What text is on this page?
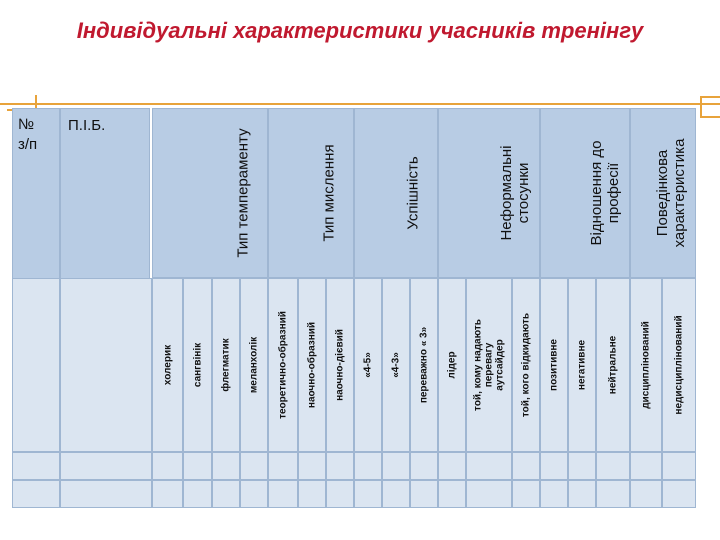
Індивідуальні характеристики учасників тренінгу
№
з/п
П.І.Б.
Тип темпераменту
холерик сангвінік флегматик меланхолік
Тип мислення
теоретично-образний наочно-образний наочно-дієвий
Успішність
«4-5» «4-3» переважно « 3»
Неформальні
стосунки
лідер
той, кому надають
перевагу
аутсайдер той, кого відкидають
Відношення до
професії
позитивне негативне нейтральне
Поведінкова
характеристика
дисциплінований недисциплінований
